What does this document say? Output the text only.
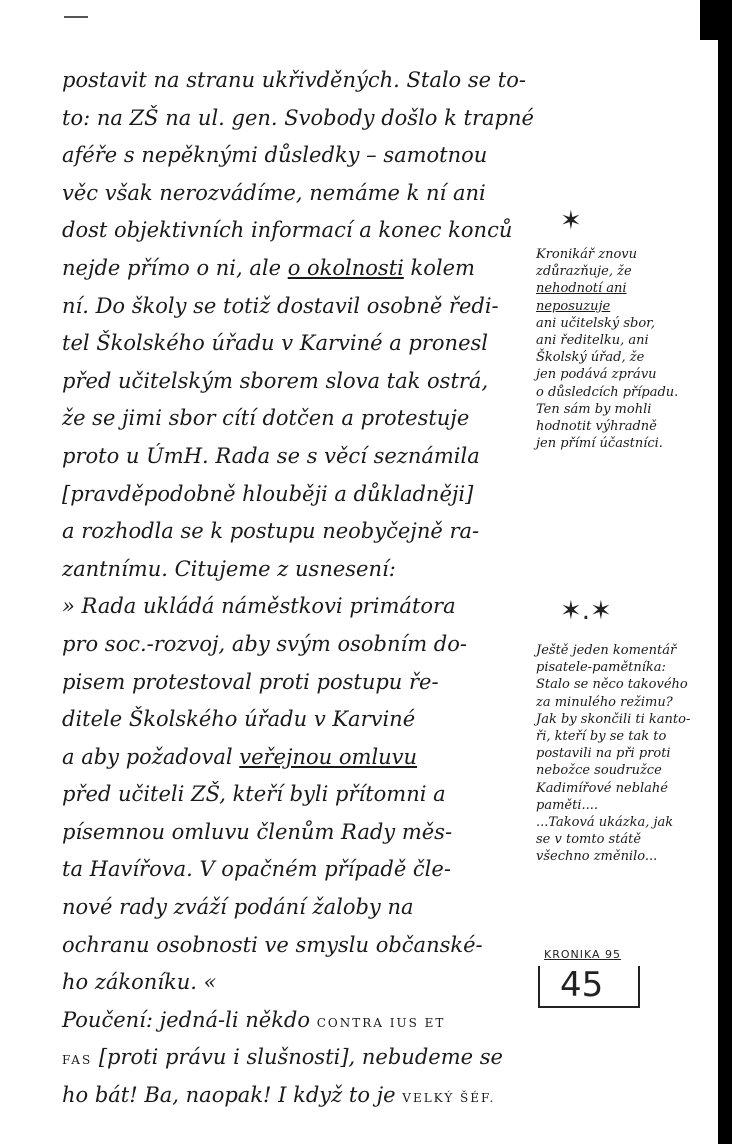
postavit na stranu ukřivděných. Stalo se to-
to: na ZŠ na ul. gen. Svobody došlo k trapné
aféře s nepěknými důsledky – samotnou
věc však nerozvádíme, nemáme k ní ani
dost objektivních informací a konec konců
nejde přímo o ni, ale o okolnosti kolem
ní. Do školy se totiž dostavil osobně ředi-
tel Školského úřadu v Karviné a pronesl
před učitelským sborem slova tak ostrá,
že se jimi sbor cítí dotčen a protestuje
proto u ÚmH. Rada se s věcí seznámila
[pravděpodobně hlouběji a důkladněji]
a rozhodla se k postupu neobyčejně ra-
zantnímu. Citujeme z usnesení:
» Rada ukládá náměstkovi primátora
pro soc.-rozvoj, aby svým osobním do-
pisem protestoval proti postupu ře-
ditele Školského úřadu v Karviné
a aby požadoval veřejnou omluvu
před učiteli ZŠ, kteří byli přítomni a
písemnou omluvu členům Rady měs-
ta Havířova. V opačném případě čle-
nové rady zváží podání žaloby na
ochranu osobnosti ve smyslu občanské-
ho zákoníku. «
Poučení: jedná-li někdo CONTRA IUS ET
FAS [proti právu i slušnosti], nebudeme se
ho bát! Ba, naopak! I když to je VELKÝ ŠÉF.
✶
Kronikář znovu
zdůrazňuje, že
nehodnotí ani
neposuzuje
ani učitelský sbor,
ani ředitelku, ani
Školský úřad, že
jen podává zprávu
o důsledcích případu.
Ten sám by mohli
hodnotit výhradně
jen přímí účastníci.
✶.✶
Ještě jeden komentář
pisatele-pamětníka:
Stalo se něco takového
za minulého režimu?
Jak by skončili ti kanto-
ři, kteří by se tak to
postavili na při proti
nebožce soudružce
Kadimířové neblahé
paměti....
...Taková ukázka, jak
se v tomto státě
všechno změnilo...
KRONIKA 95
45
